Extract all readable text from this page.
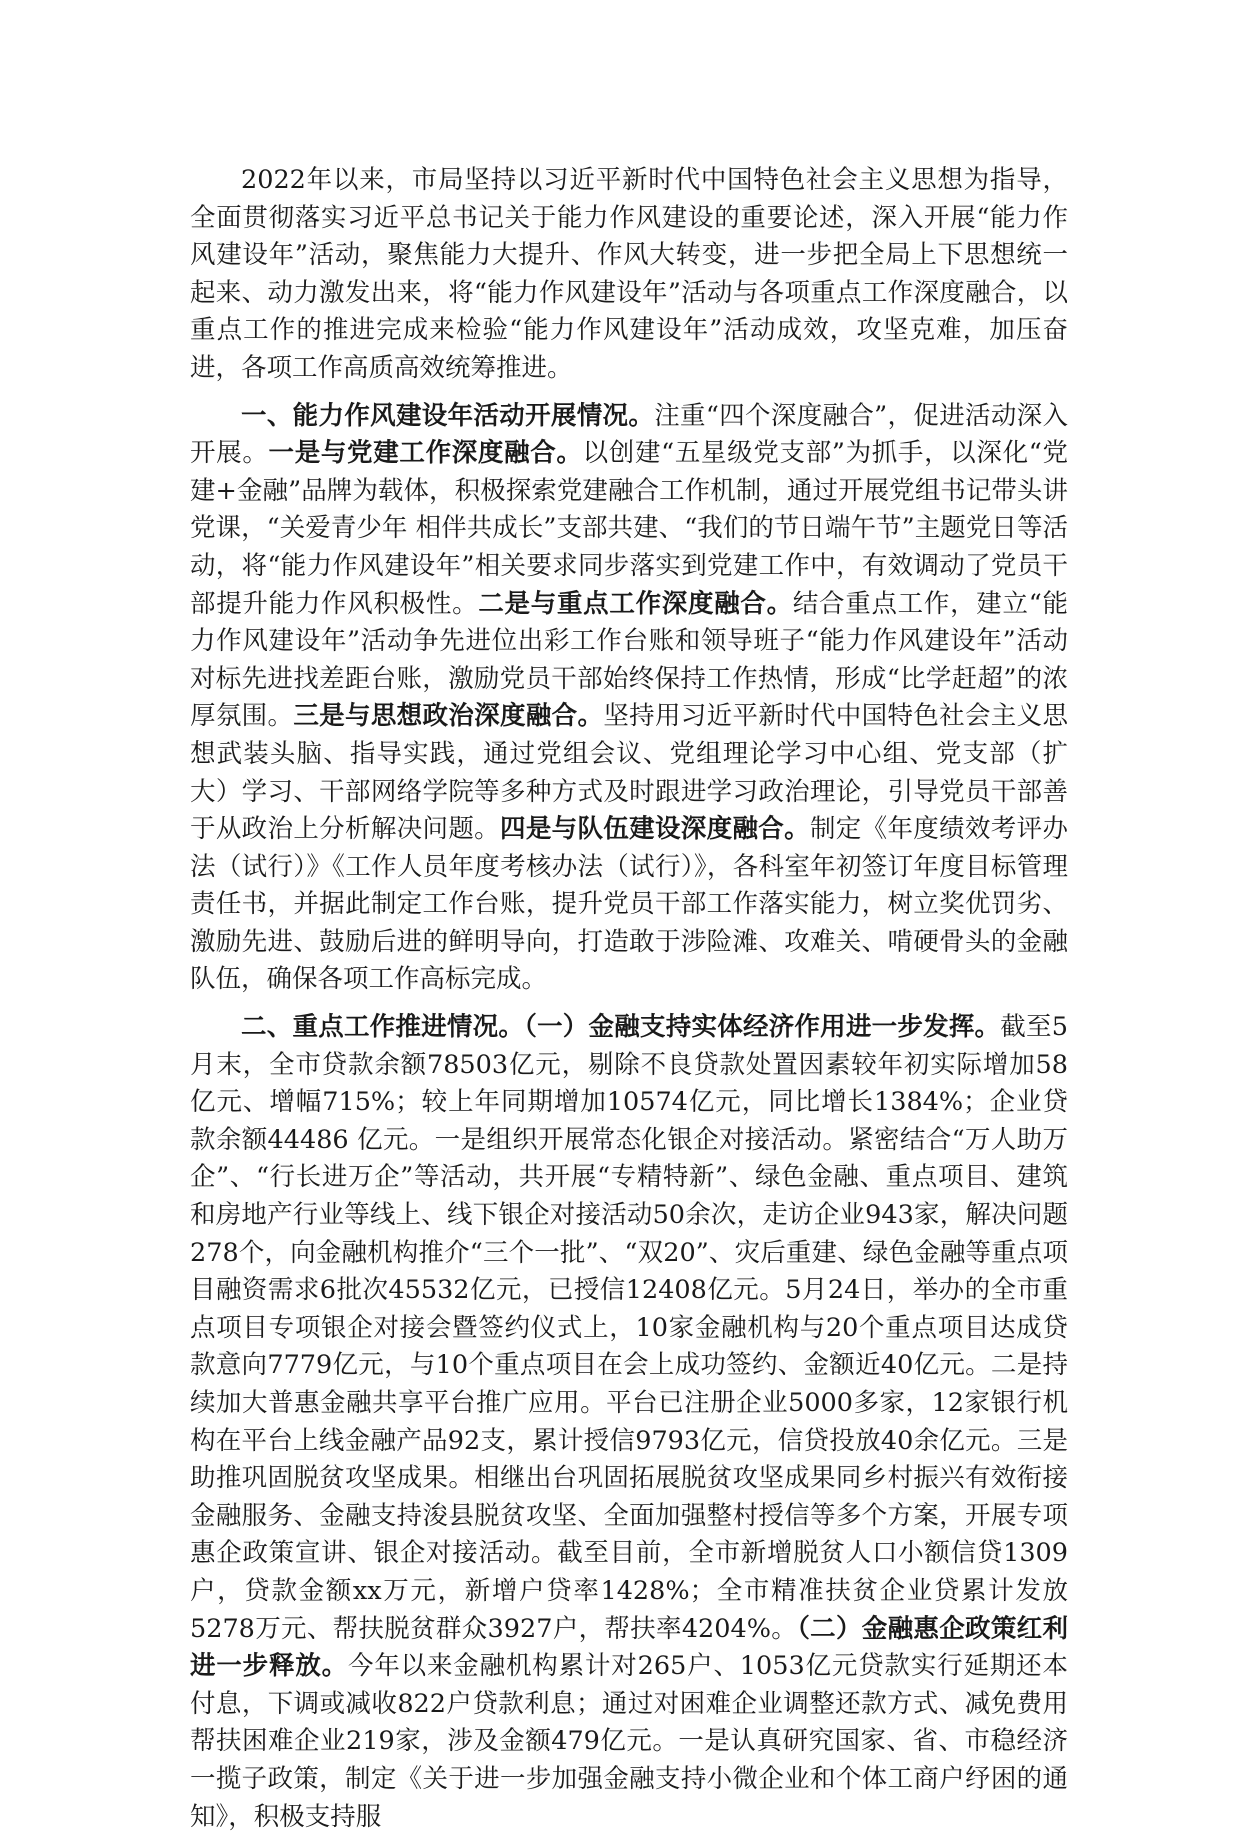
2022年以来，市局坚持以习近平新时代中国特色社会主义思想为指导，全面贯彻落实习近平总书记关于能力作风建设的重要论述，深入开展“能力作风建设年”活动，聚焦能力大提升、作风大转变，进一步把全局上下思想统一起来、动力激发出来，将“能力作风建设年”活动与各项重点工作深度融合，以重点工作的推进完成来检验“能力作风建设年”活动成效，攻坚克难，加压奋进，各项工作高质高效统筹推进。

一、能力作风建设年活动开展情况。注重“四个深度融合”，促进活动深入开展。一是与党建工作深度融合。以创建“五星级党支部”为抓手，以深化“党建+金融”品牌为载体，积极探索党建融合工作机制，通过开展党组书记带头讲党课，“关爱青少年 相伴共成长”支部共建、“我们的节日端午节”主题党日等活动，将“能力作风建设年”相关要求同步落实到党建工作中，有效调动了党员干部提升能力作风积极性。二是与重点工作深度融合。结合重点工作，建立“能力作风建设年”活动争先进位出彩工作台账和领导班子“能力作风建设年”活动对标先进找差距台账，激励党员干部始终保持工作热情，形成“比学赶超”的浓厚氛围。三是与思想政治深度融合。坚持用习近平新时代中国特色社会主义思想武装头脑、指导实践，通过党组会议、党组理论学习中心组、党支部（扩大）学习、干部网络学院等多种方式及时跟进学习政治理论，引导党员干部善于从政治上分析解决问题。四是与队伍建设深度融合。制定《年度绩效考评办法（试行）》《工作人员年度考核办法（试行）》，各科室年初签订年度目标管理责任书，并据此制定工作台账，提升党员干部工作落实能力，树立奖优罚劣、激励先进、鼓励后进的鲜明导向，打造敢于涉险滩、攻难关、啃硬骨头的金融队伍，确保各项工作高标完成。

二、重点工作推进情况。（一）金融支持实体经济作用进一步发挥。截至5月末，全市贷款余额78503亿元，剔除不良贷款处置因素较年初实际增加58亿元、增幅715%；较上年同期增加10574亿元，同比增长1384%；企业贷款余额44486 亿元。一是组织开展常态化银企对接活动。紧密结合“万人助万企”、“行长进万企”等活动，共开展“专精特新”、绿色金融、重点项目、建筑和房地产行业等线上、线下银企对接活动50余次，走访企业943家，解决问题278个，向金融机构推介“三个一批”、“双20”、灾后重建、绿色金融等重点项目融资需求6批次45532亿元，已授信12408亿元。5月24日，举办的全市重点项目专项银企对接会暨签约仪式上，10家金融机构与20个重点项目达成贷款意向7779亿元，与10个重点项目在会上成功签约、金额近40亿元。二是持续加大普惠金融共享平台推广应用。平台已注册企业5000多家，12家银行机构在平台上线金融产品92支，累计授信9793亿元，信贷投放40余亿元。三是助推巩固脱贫攻坚成果。相继出台巩固拓展脱贫攻坚成果同乡村振兴有效衔接金融服务、金融支持浚县脱贫攻坚、全面加强整村授信等多个方案，开展专项惠企政策宣讲、银企对接活动。截至目前，全市新增脱贫人口小额信贷1309户，贷款金额xx万元，新增户贷率1428%；全市精准扶贫企业贷累计发放5278万元、帮扶脱贫群众3927户，帮扶率4204%。（二）金融惠企政策红利进一步释放。今年以来金融机构累计对265户、1053亿元贷款实行延期还本付息，下调或减收822户贷款利息；通过对困难企业调整还款方式、减免费用帮扶困难企业219家，涉及金额479亿元。一是认真研究国家、省、市稳经济一揽子政策，制定《关于进一步加强金融支持小微企业和个体工商户纾困的通知》，积极支持服
